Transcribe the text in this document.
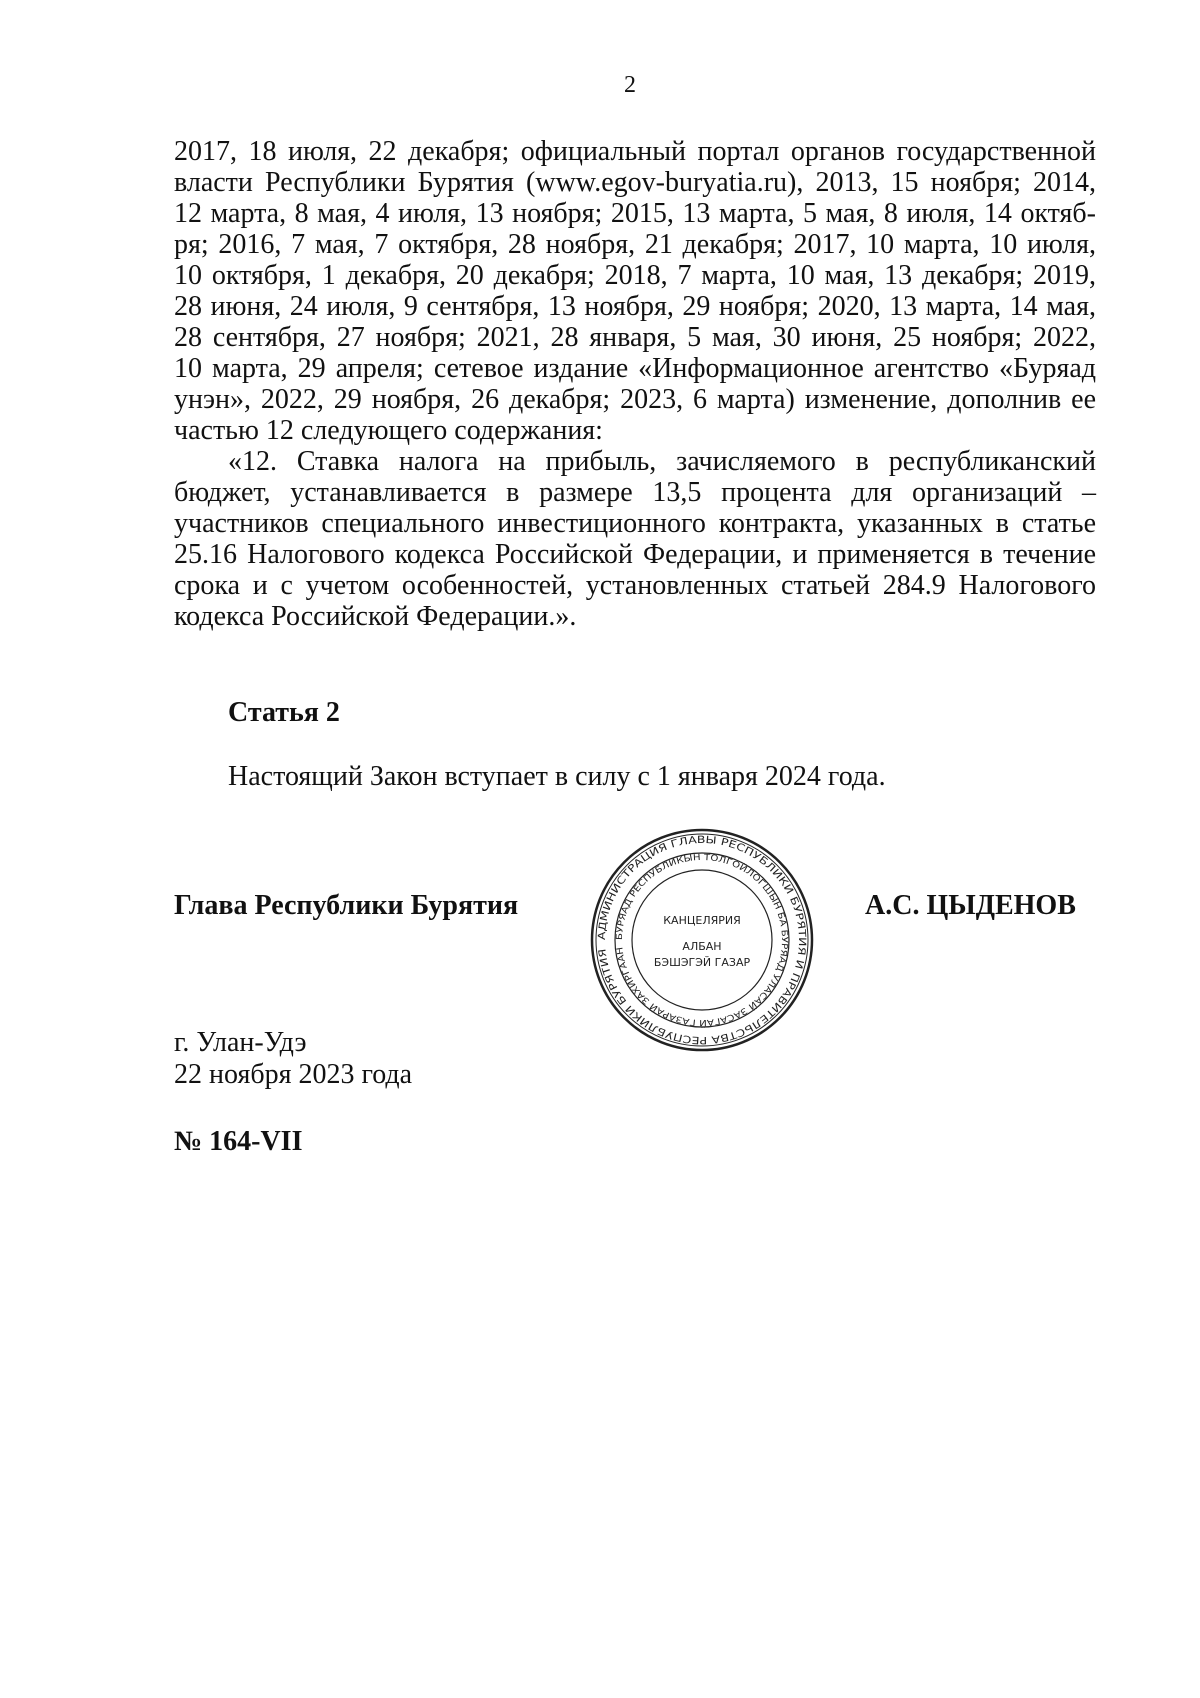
2
2017, 18 июля, 22 декабря; официальный портал органов государственной
власти Республики Бурятия (www.egov-buryatia.ru), 2013, 15 ноября; 2014,
12 марта, 8 мая, 4 июля, 13 ноября; 2015, 13 марта, 5 мая, 8 июля, 14 октяб-
ря; 2016, 7 мая, 7 октября, 28 ноября, 21 декабря; 2017, 10 марта, 10 июля,
10 октября, 1 декабря, 20 декабря; 2018, 7 марта, 10 мая, 13 декабря; 2019,
28 июня, 24 июля, 9 сентября, 13 ноября, 29 ноября; 2020, 13 марта, 14 мая,
28 сентября, 27 ноября; 2021, 28 января, 5 мая, 30 июня, 25 ноября; 2022,
10 марта, 29 апреля; сетевое издание «Информационное агентство «Буряад
унэн», 2022, 29 ноября, 26 декабря; 2023, 6 марта) изменение, дополнив ее
частью 12 следующего содержания:
«12. Ставка налога на прибыль, зачисляемого в республиканский
бюджет, устанавливается в размере 13,5 процента для организаций –
участников специального инвестиционного контракта, указанных в статье
25.16 Налогового кодекса Российской Федерации, и применяется в течение
срока и с учетом особенностей, установленных статьей 284.9 Налогового
кодекса Российской Федерации.».
Статья 2
Настоящий Закон вступает в силу с 1 января 2024 года.
Глава Республики Бурятия
АДМИНИСТРАЦИЯ ГЛАВЫ РЕСПУБЛИКИ БУРЯТИЯ И ПРАВИТЕЛЬСТВА РЕСПУБЛИКИ БУРЯТИЯ
БУРЯАД РЕСПУБЛИКЫН ТОЛГОЙЛОГШЫН БА БУРЯАД УЛАСАЙ ЗАСАГАЙ ГАЗАРАЙ ЗАХИРГААН
КАНЦЕЛЯРИЯ
АЛБАН
БЭШЭГЭЙ ГАЗАР
А.С. ЦЫДЕНОВ
г. Улан-Удэ
22 ноября 2023 года
№ 164-VII
